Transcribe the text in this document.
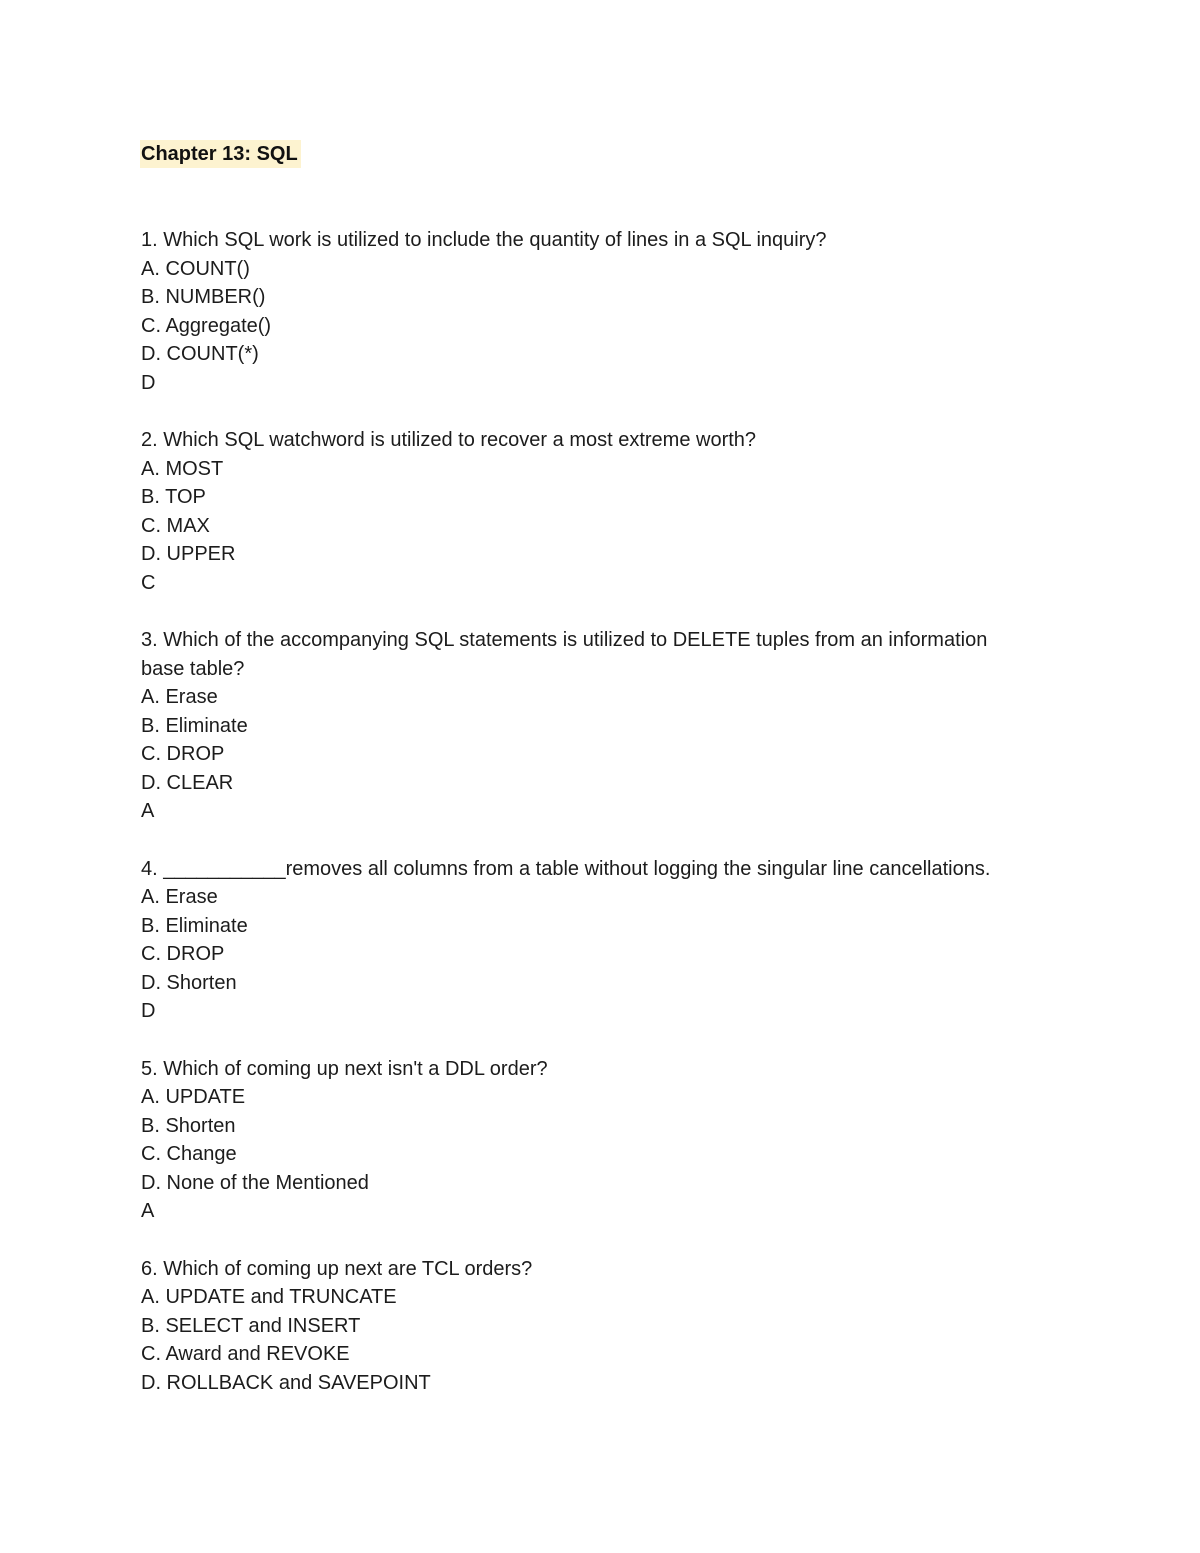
Chapter 13: SQL
1. Which SQL work is utilized to include the quantity of lines in a SQL inquiry?
A. COUNT()
B. NUMBER()
C. Aggregate()
D. COUNT(*)
D
2. Which SQL watchword is utilized to recover a most extreme worth?
A. MOST
B. TOP
C. MAX
D. UPPER
C
3. Which of the accompanying SQL statements is utilized to DELETE tuples from an information
base table?
A. Erase
B. Eliminate
C. DROP
D. CLEAR
A
4. ___________removes all columns from a table without logging the singular line cancellations.
A. Erase
B. Eliminate
C. DROP
D. Shorten
D
5. Which of coming up next isn't a DDL order?
A. UPDATE
B. Shorten
C. Change
D. None of the Mentioned
A
6. Which of coming up next are TCL orders?
A. UPDATE and TRUNCATE
B. SELECT and INSERT
C. Award and REVOKE
D. ROLLBACK and SAVEPOINT
